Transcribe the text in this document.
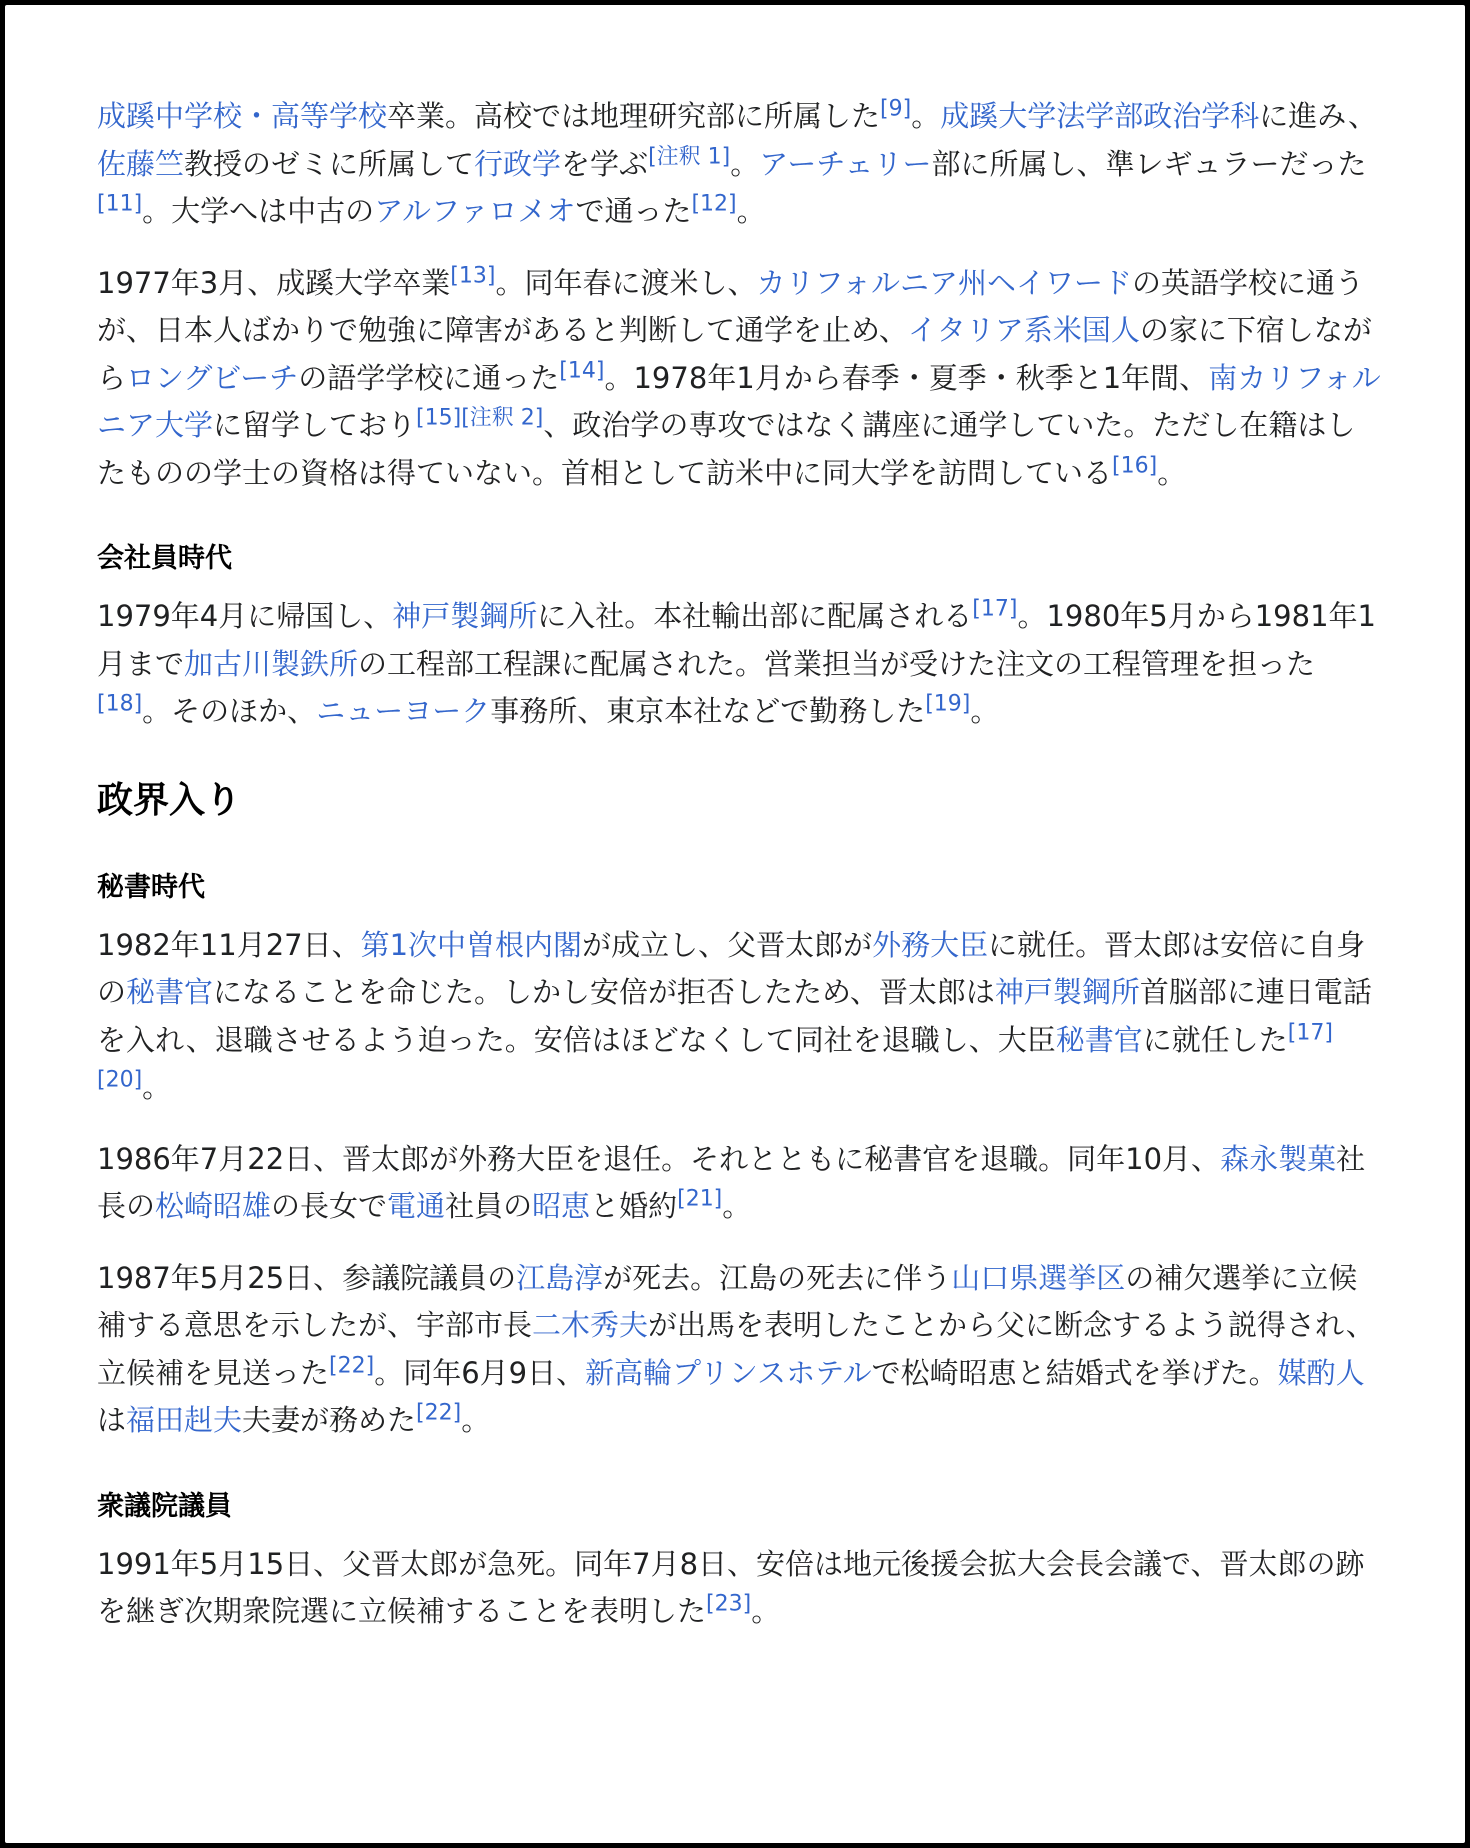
成蹊中学校・高等学校卒業。高校では地理研究部に所属した[9]。成蹊大学法学部政治学科に進み、佐藤竺教授のゼミに所属して行政学を学ぶ[注釈 1]。アーチェリー部に所属し、準レギュラーだった[11]。大学へは中古のアルファロメオで通った[12]。

1977年3月、成蹊大学卒業[13]。同年春に渡米し、カリフォルニア州ヘイワードの英語学校に通うが、日本人ばかりで勉強に障害があると判断して通学を止め、イタリア系米国人の家に下宿しながらロングビーチの語学学校に通った[14]。1978年1月から春季・夏季・秋季と1年間、南カリフォルニア大学に留学しており[15][注釈 2]、政治学の専攻ではなく講座に通学していた。ただし在籍はしたものの学士の資格は得ていない。首相として訪米中に同大学を訪問している[16]。

会社員時代

1979年4月に帰国し、神戸製鋼所に入社。本社輸出部に配属される[17]。1980年5月から1981年1月まで加古川製鉄所の工程部工程課に配属された。営業担当が受けた注文の工程管理を担った[18]。そのほか、ニューヨーク事務所、東京本社などで勤務した[19]。

政界入り
秘書時代

1982年11月27日、第1次中曽根内閣が成立し、父晋太郎が外務大臣に就任。晋太郎は安倍に自身の秘書官になることを命じた。しかし安倍が拒否したため、晋太郎は神戸製鋼所首脳部に連日電話を入れ、退職させるよう迫った。安倍はほどなくして同社を退職し、大臣秘書官に就任した[17][20]。

1986年7月22日、晋太郎が外務大臣を退任。それとともに秘書官を退職。同年10月、森永製菓社長の松崎昭雄の長女で電通社員の昭恵と婚約[21]。

1987年5月25日、参議院議員の江島淳が死去。江島の死去に伴う山口県選挙区の補欠選挙に立候補する意思を示したが、宇部市長二木秀夫が出馬を表明したことから父に断念するよう説得され、立候補を見送った[22]。同年6月9日、新高輪プリンスホテルで松崎昭恵と結婚式を挙げた。媒酌人は福田赳夫夫妻が務めた[22]。

衆議院議員

1991年5月15日、父晋太郎が急死。同年7月8日、安倍は地元後援会拡大会長会議で、晋太郎の跡を継ぎ次期衆院選に立候補することを表明した[23]。
